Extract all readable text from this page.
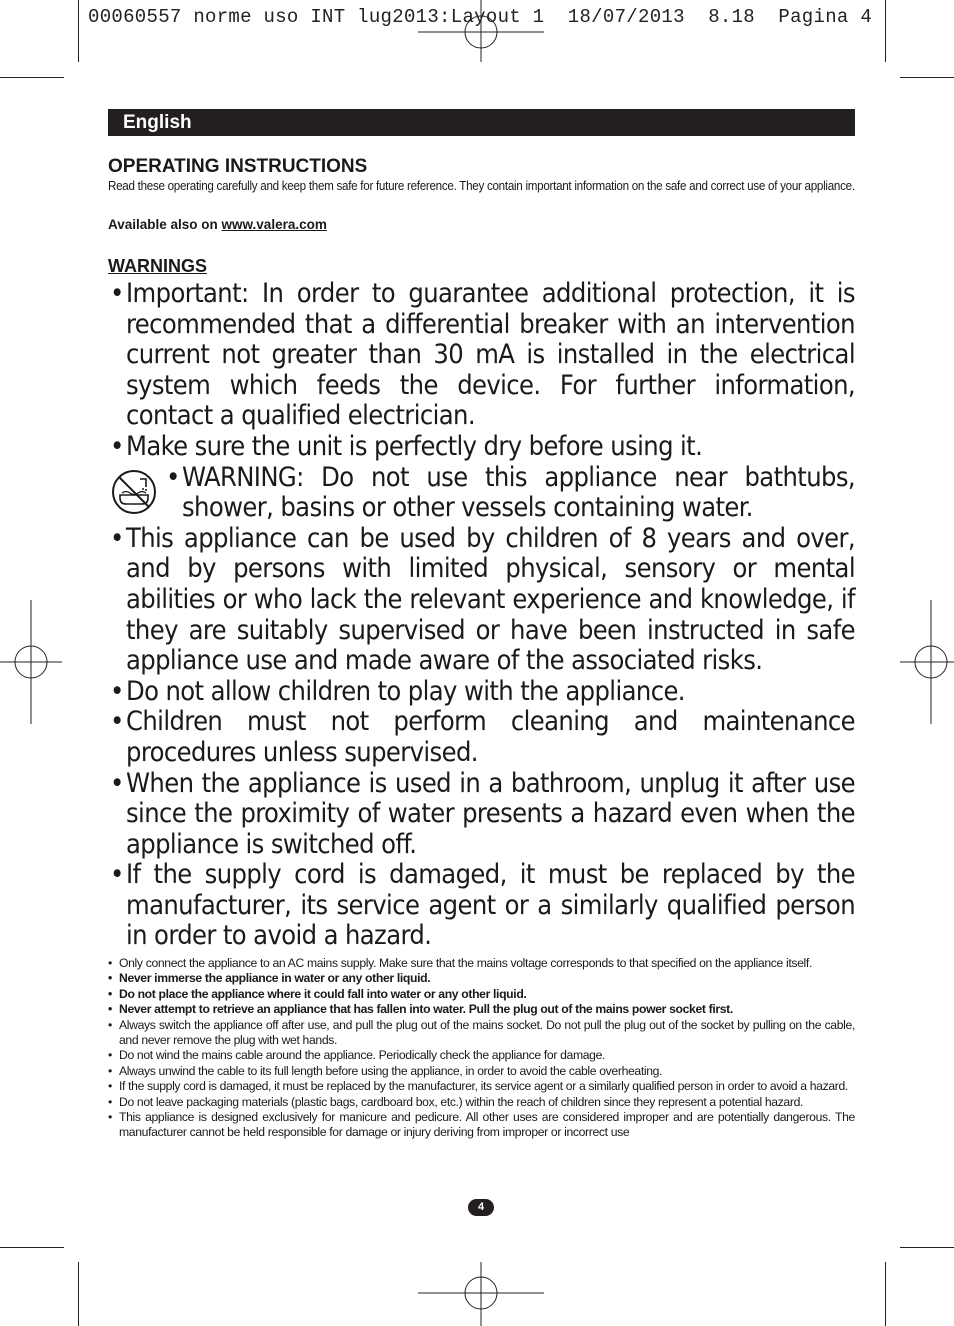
00060557 norme uso INT lug2013:Layout 1  18/07/2013  8.18  Pagina 4
English
OPERATING INSTRUCTIONS
Read these operating carefully and keep them safe for future reference. They contain important information on the safe and correct use of your appliance.
Available also on www.valera.com
WARNINGS
• Important: In order to guarantee additional protection, it is recommended that a differential breaker with an intervention current not greater than 30 mA is installed in the electrical system which feeds the device. For further information, contact a qualified electrician.
• Make sure the unit is perfectly dry before using it.
• WARNING: Do not use this appliance near bathtubs, shower, basins or other vessels containing water.
• This appliance can be used by children of 8 years and over, and by persons with limited physical, sensory or mental abilities or who lack the relevant experience and knowledge, if they are suitably supervised or have been instructed in safe appliance use and made aware of the associated risks.
• Do not allow children to play with the appliance.
• Children must not perform cleaning and maintenance procedures unless supervised.
• When the appliance is used in a bathroom, unplug it after use since the proximity of water presents a hazard even when the appliance is switched off.
• If the supply cord is damaged, it must be replaced by the manufacturer, its service agent or a similarly qualified person in order to avoid a hazard.
• Only connect the appliance to an AC mains supply. Make sure that the mains voltage corresponds to that specified on the appliance itself.
• Never immerse the appliance in water or any other liquid.
• Do not place the appliance where it could fall into water or any other liquid.
• Never attempt to retrieve an appliance that has fallen into water. Pull the plug out of the mains power socket first.
• Always switch the appliance off after use, and pull the plug out of the mains socket. Do not pull the plug out of the socket by pulling on the cable, and never remove the plug with wet hands.
• Do not wind the mains cable around the appliance. Periodically check the appliance for damage.
• Always unwind the cable to its full length before using the appliance, in order to avoid the cable overheating.
• If the supply cord is damaged, it must be replaced by the manufacturer, its service agent or a similarly qualified person in order to avoid a hazard.
• Do not leave packaging materials (plastic bags, cardboard box, etc.) within the reach of children since they represent a potential hazard.
• This appliance is designed exclusively for manicure and pedicure. All other uses are considered improper and are potentially dangerous. The manufacturer cannot be held responsible for damage or injury deriving from improper or incorrect use
4
